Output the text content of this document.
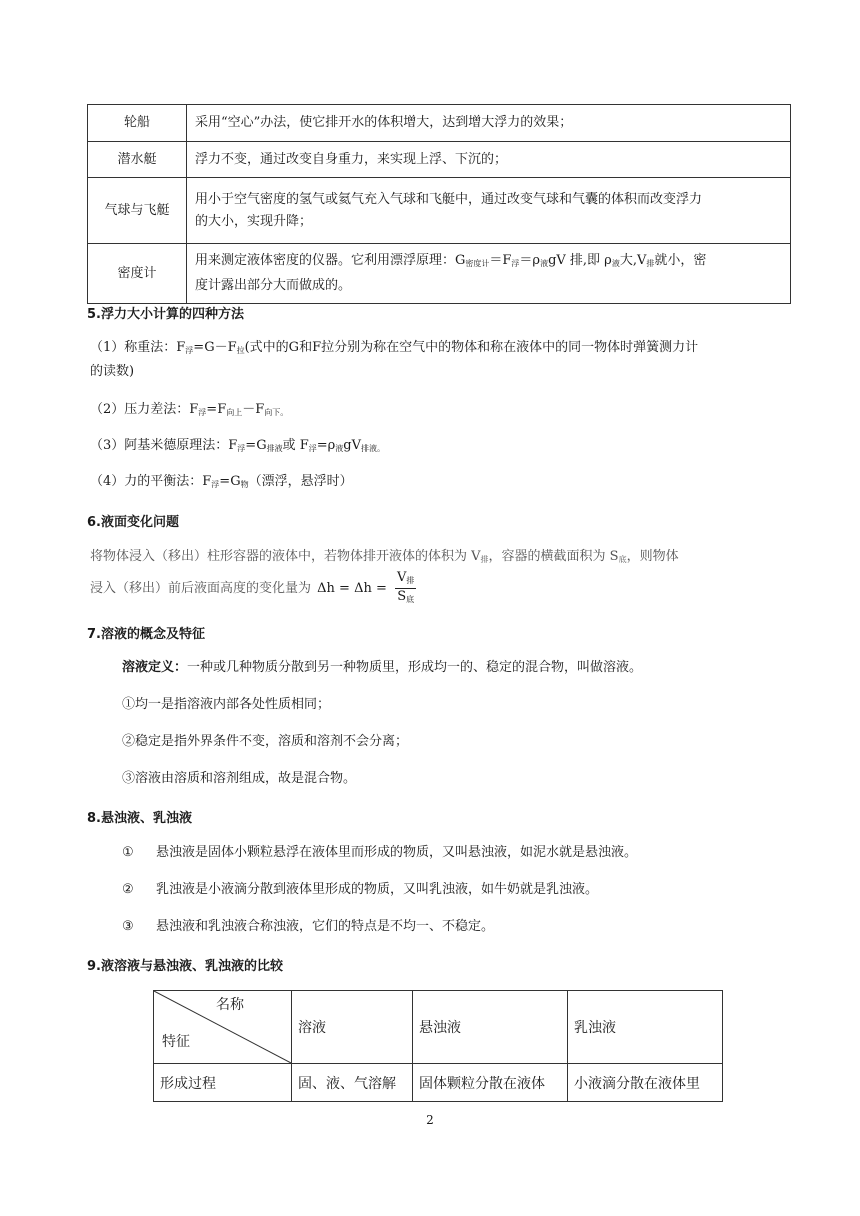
轮船	采用“空心”办法，使它排开水的体积增大，达到增大浮力的效果；
潜水艇	浮力不变，通过改变自身重力，来实现上浮、下沉的；
气球与飞艇	用小于空气密度的氢气或氦气充入气球和飞艇中，通过改变气球和气囊的体积而改变浮力
的大小，实现升降；
密度计	用来测定液体密度的仪器。它利用漂浮原理：$G_{密度计}=F_浮=\rho_液gV$ 排,即 $\rho_液$大$,V_排$就小，密
度计露出部分大而做成的。
5.浮力大小计算的四种方法
（1）称重法：$F_浮=G-F_拉$(式中的G和F拉分别为称在空气中的物体和称在液体中的同一物体时弹簧测力计
的读数)
（2）压力差法：$F_浮=F_{向上}-F_{向下。}$
（3）阿基米德原理法：$F_浮=G_{排液}$或 $F_浮=\rho_液gV_{排液。}$
（4）力的平衡法：$F_浮=G_物$（漂浮，悬浮时）
6.液面变化问题
将物体浸入（移出）柱形容器的液体中，若物体排开液体的体积为 $V_排$，容器的横截面积为 $S_底$，则物体
浸入（移出）前后液面高度的变化量为 $\Delta h = \Delta h = \frac{V_排}{S_底}$
7.溶液的概念及特征
溶液定义：一种或几种物质分散到另一种物质里，形成均一的、稳定的混合物，叫做溶液。
①均一是指溶液内部各处性质相同；
②稳定是指外界条件不变，溶质和溶剂不会分离；
③溶液由溶质和溶剂组成，故是混合物。
8.悬浊液、乳浊液
① 悬浊液是固体小颗粒悬浮在液体里而形成的物质，又叫悬浊液，如泥水就是悬浊液。
② 乳浊液是小液滴分散到液体里形成的物质，又叫乳浊液，如牛奶就是乳浊液。
③ 悬浊液和乳浊液合称浊液，它们的特点是不均一、不稳定。
9.液溶液与悬浊液、乳浊液的比较
名称
特征	溶液	悬浊液	乳浊液
形成过程	固、液、气溶解	固体颗粒分散在液体	小液滴分散在液体里
2
